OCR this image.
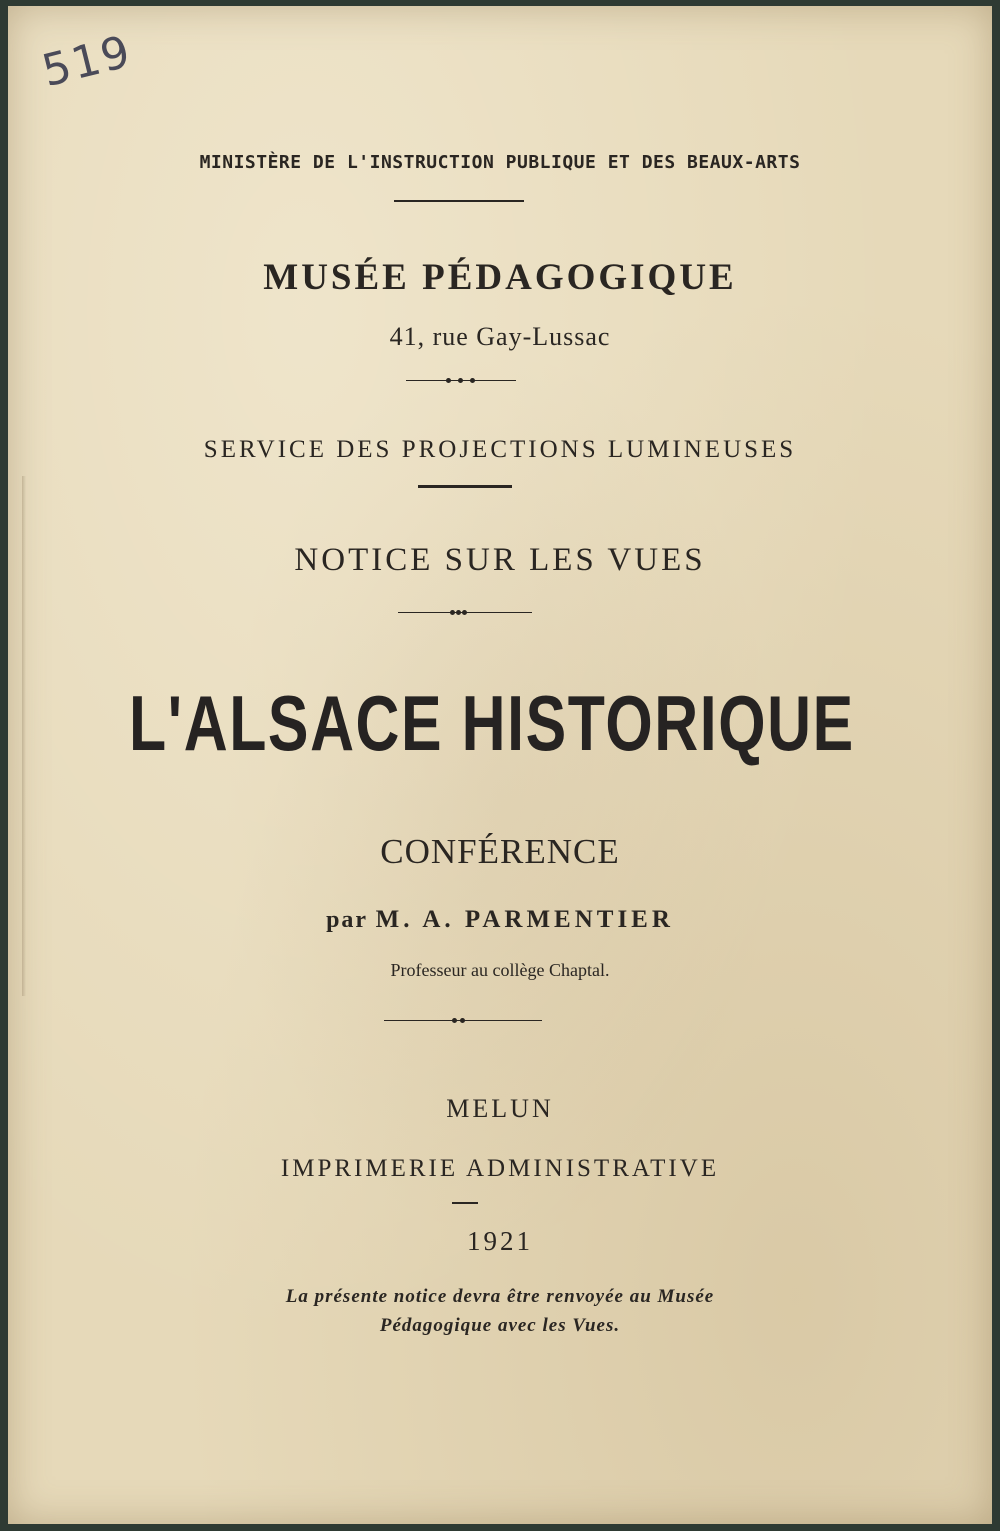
519
MINISTÈRE DE L'INSTRUCTION PUBLIQUE ET DES BEAUX-ARTS
MUSÉE PÉDAGOGIQUE
41, rue Gay-Lussac
SERVICE DES PROJECTIONS LUMINEUSES
NOTICE SUR LES VUES
L'ALSACE HISTORIQUE
CONFÉRENCE
par M. A. PARMENTIER
Professeur au collège Chaptal.
MELUN
IMPRIMERIE ADMINISTRATIVE
1921
La présente notice devra être renvoyée au Musée
Pédagogique avec les Vues.
